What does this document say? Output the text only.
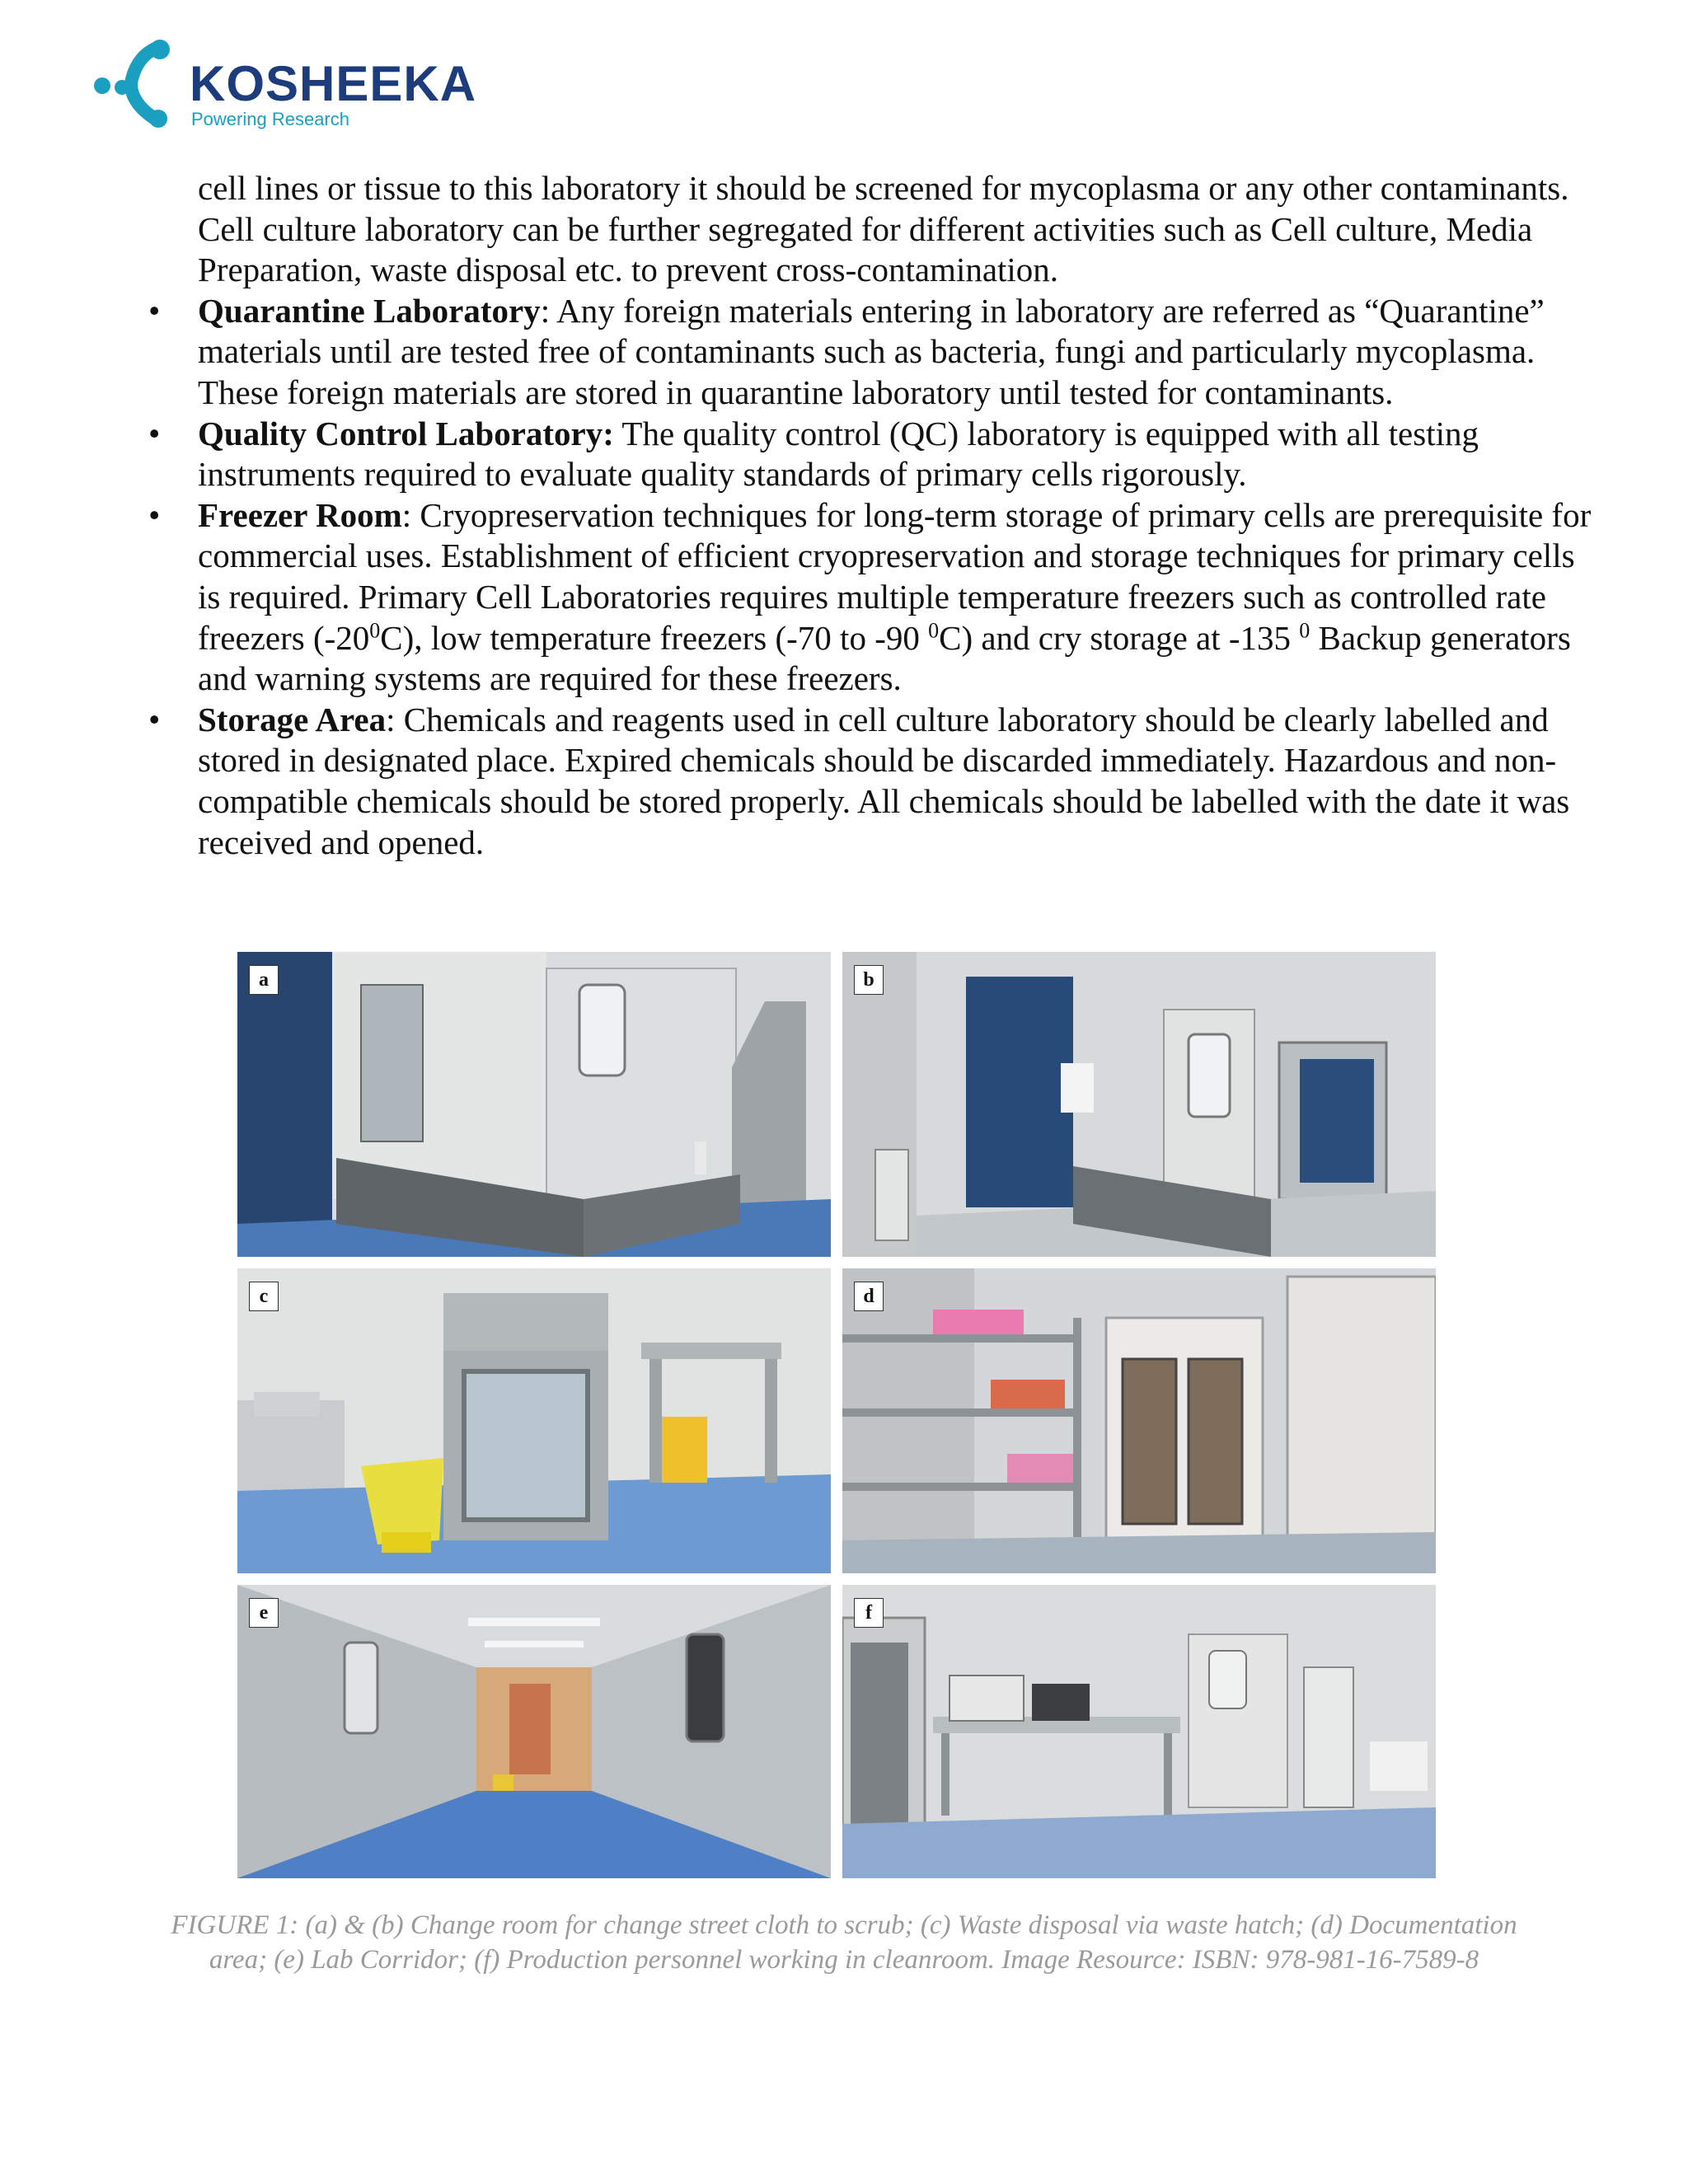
KOSHEEKA
Powering Research

cell lines or tissue to this laboratory it should be screened for mycoplasma or any other contaminants. Cell culture laboratory can be further segregated for different activities such as Cell culture, Media Preparation, waste disposal etc. to prevent cross-contamination.

• Quarantine Laboratory: Any foreign materials entering in laboratory are referred as “Quarantine” materials until are tested free of contaminants such as bacteria, fungi and particularly mycoplasma. These foreign materials are stored in quarantine laboratory until tested for contaminants.
• Quality Control Laboratory: The quality control (QC) laboratory is equipped with all testing instruments required to evaluate quality standards of primary cells rigorously.
• Freezer Room: Cryopreservation techniques for long-term storage of primary cells are prerequisite for commercial uses. Establishment of efficient cryopreservation and storage techniques for primary cells is required. Primary Cell Laboratories requires multiple temperature freezers such as controlled rate freezers $(-20^0C)$, low temperature freezers (-70 to -90 $^0$C) and cry storage at -135 $^0$ Backup generators and warning systems are required for these freezers.
• Storage Area: Chemicals and reagents used in cell culture laboratory should be clearly labelled and stored in designated place. Expired chemicals should be discarded immediately. Hazardous and non-compatible chemicals should be stored properly. All chemicals should be labelled with the date it was received and opened.
a	b
c	d
e	f
FIGURE 1: (a) & (b) Change room for change street cloth to scrub; (c) Waste disposal via waste hatch; (d) Documentation
area; (e) Lab Corridor; (f) Production personnel working in cleanroom. Image Resource: ISBN: 978-981-16-7589-8
